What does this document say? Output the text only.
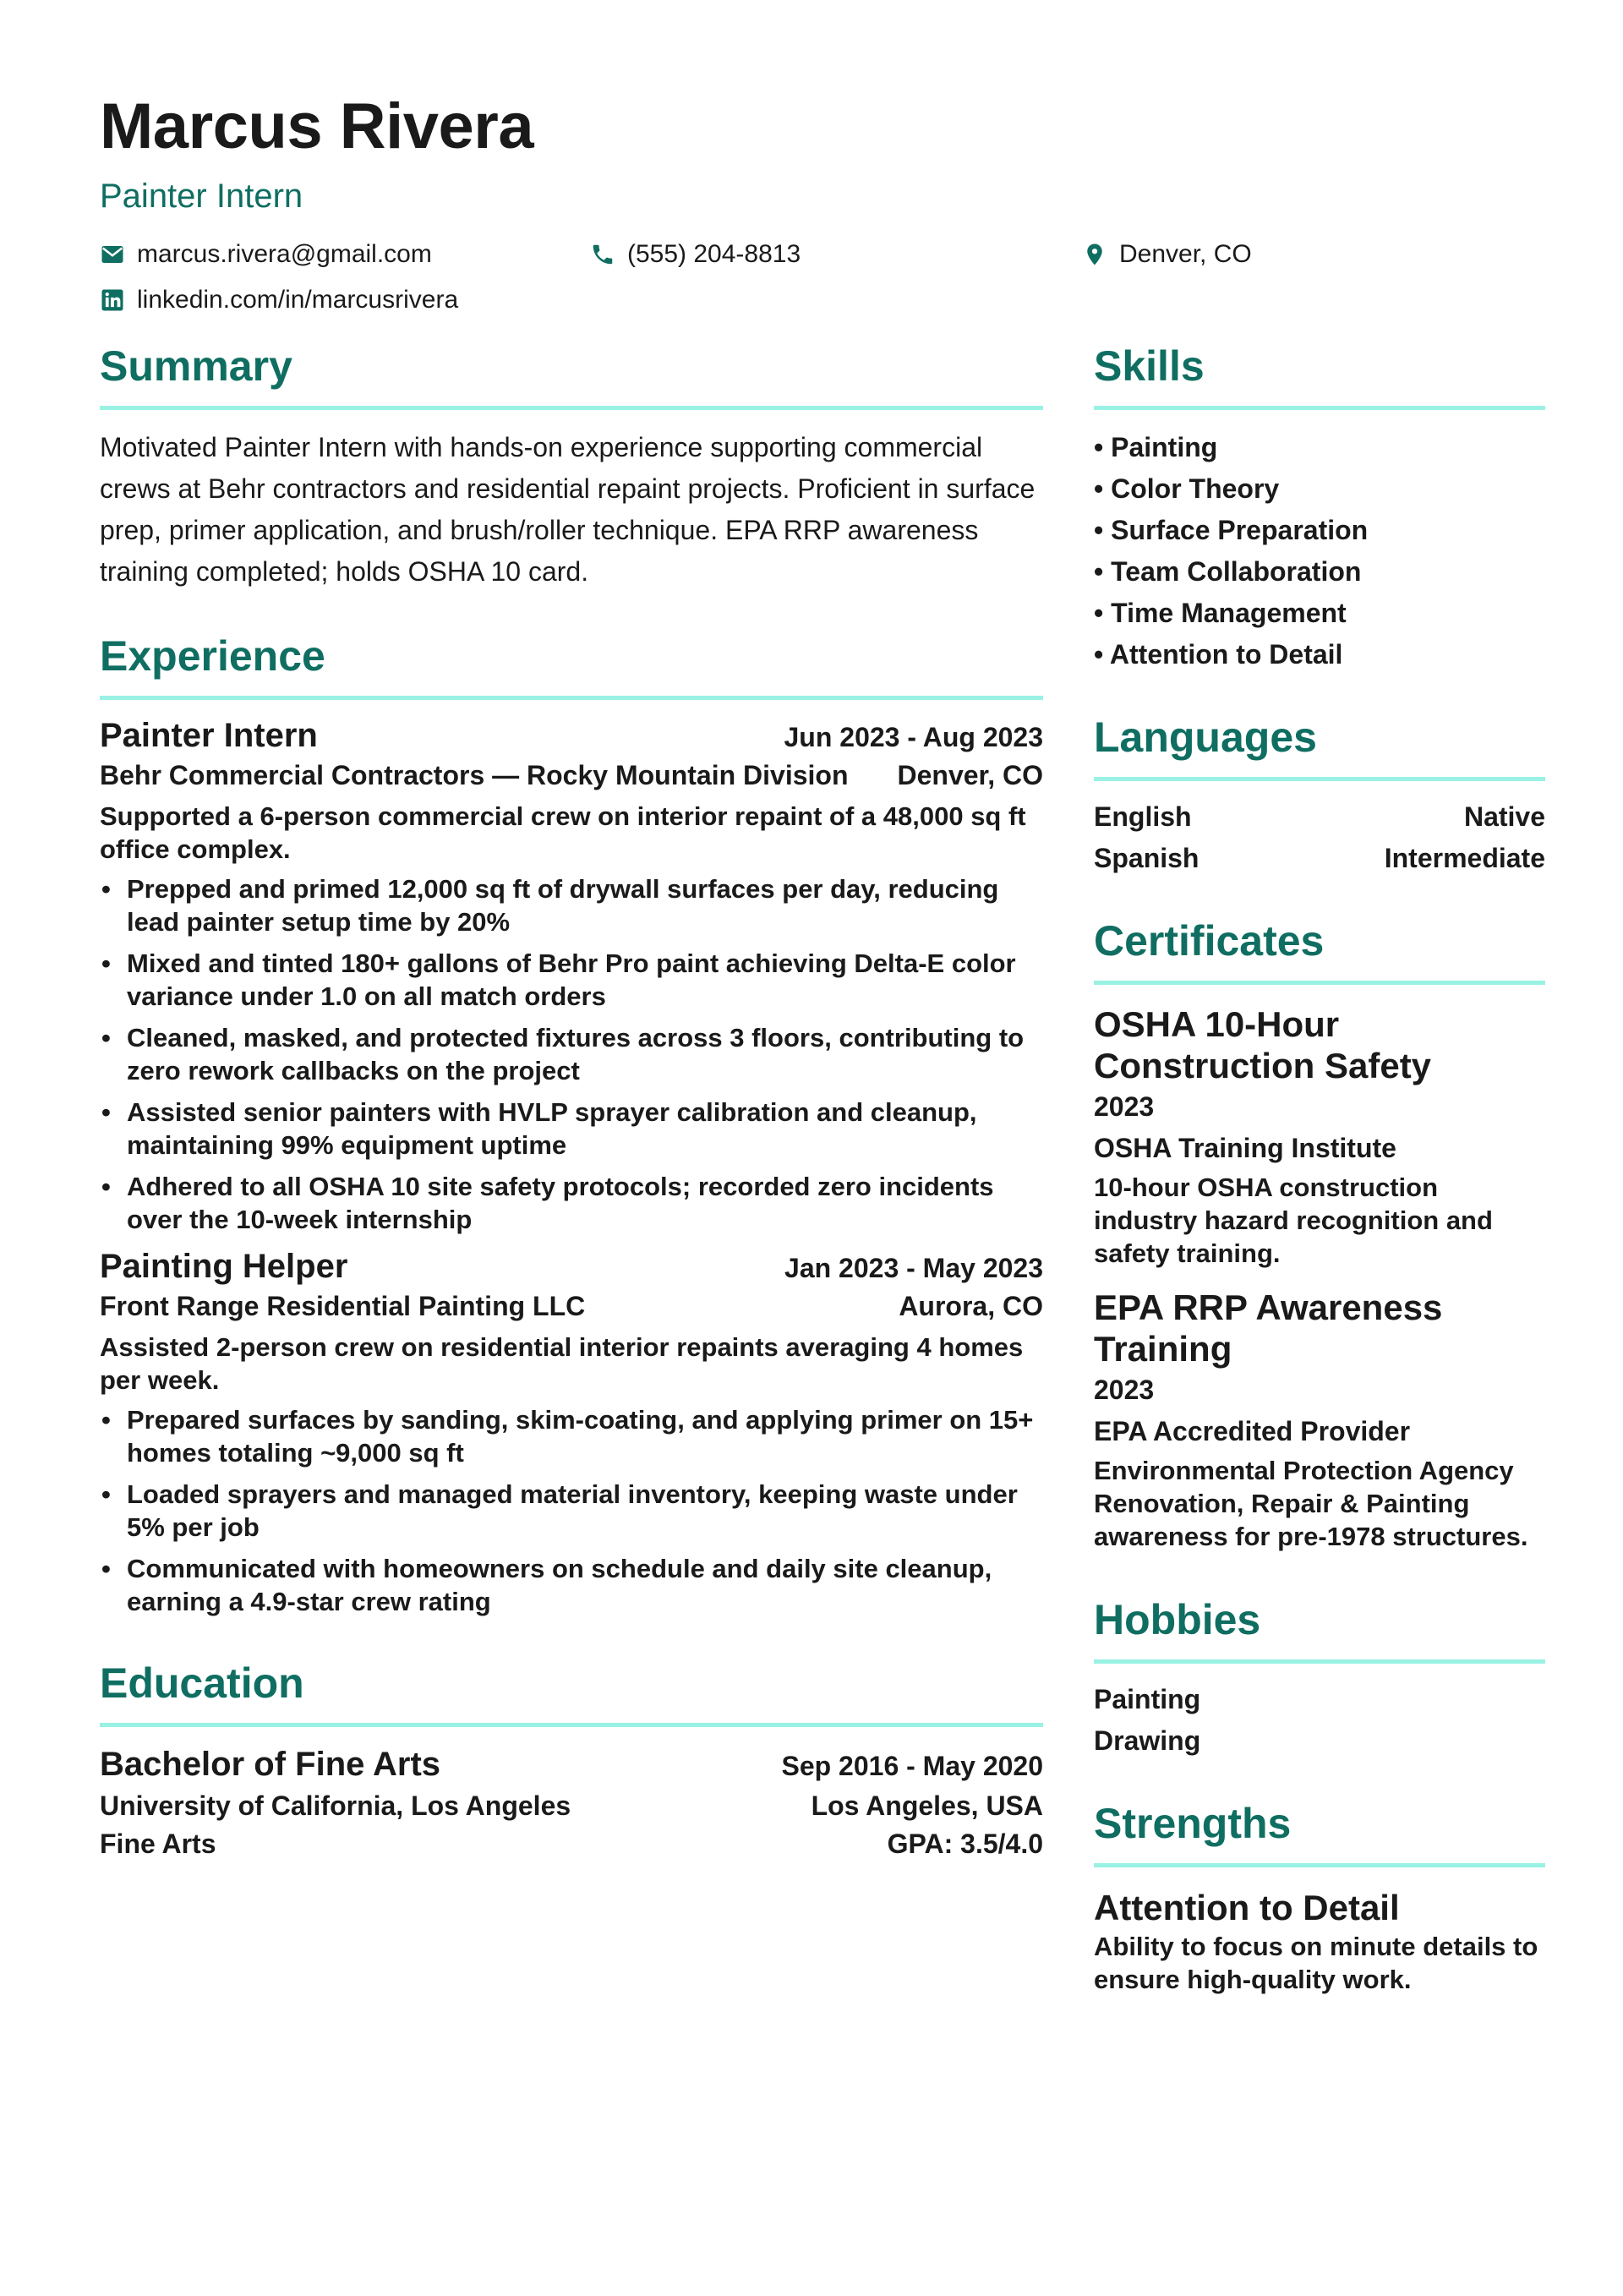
Marcus Rivera
Painter Intern
marcus.rivera@gmail.com	(555) 204-8813	Denver, CO
linkedin.com/in/marcusrivera
Summary

Motivated Painter Intern with hands-on experience supporting commercial crews at Behr contractors and residential repaint projects. Proficient in surface prep, primer application, and brush/roller technique. EPA RRP awareness training completed; holds OSHA 10 card.

Experience
Painter Intern	Jun 2023 - Aug 2023
Behr Commercial Contractors — Rocky Mountain Division Denver, CO
Supported a 6-person commercial crew on interior repaint of a 48,000 sq ft office complex.
• Prepped and primed 12,000 sq ft of drywall surfaces per day, reducing lead painter setup time by 20%
• Mixed and tinted 180+ gallons of Behr Pro paint achieving Delta-E color variance under 1.0 on all match orders
• Cleaned, masked, and protected fixtures across 3 floors, contributing to zero rework callbacks on the project
• Assisted senior painters with HVLP sprayer calibration and cleanup, maintaining 99% equipment uptime
• Adhered to all OSHA 10 site safety protocols; recorded zero incidents over the 10-week internship
Painting Helper	Jan 2023 - May 2023
Front Range Residential Painting LLC	Aurora, CO
Assisted 2-person crew on residential interior repaints averaging 4 homes per week.
• Prepared surfaces by sanding, skim-coating, and applying primer on 15+ homes totaling ~9,000 sq ft
• Loaded sprayers and managed material inventory, keeping waste under 5% per job
• Communicated with homeowners on schedule and daily site cleanup, earning a 4.9-star crew rating
Education
Bachelor of Fine Arts	Sep 2016 - May 2020
University of California, Los Angeles	Los Angeles, USA
Fine Arts	GPA: 3.5/4.0
Skills
• Painting
• Color Theory
• Surface Preparation
• Team Collaboration
• Time Management
• Attention to Detail
Languages
English	Native
Spanish	Intermediate
Certificates
OSHA 10-Hour Construction Safety
2023
OSHA Training Institute
10-hour OSHA construction industry hazard recognition and safety training.
EPA RRP Awareness Training
2023
EPA Accredited Provider
Environmental Protection Agency Renovation, Repair & Painting awareness for pre-1978 structures.
Hobbies
Painting
Drawing
Strengths
Attention to Detail
Ability to focus on minute details to ensure high-quality work.
